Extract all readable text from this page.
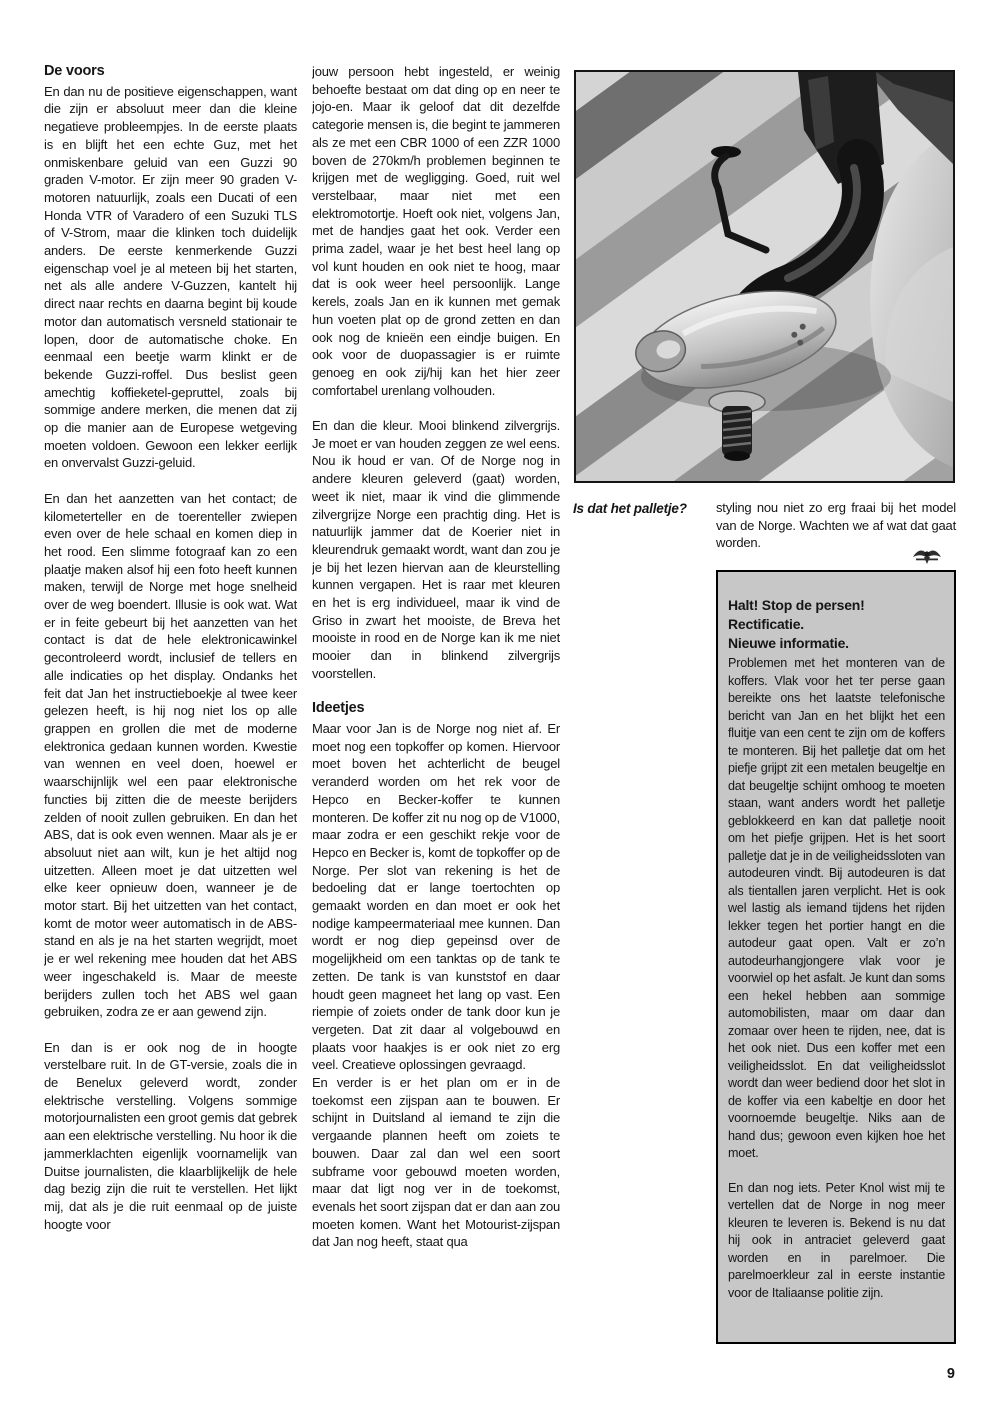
De voors

En dan nu de positieve eigenschappen, want die zijn er absoluut meer dan die kleine negatieve probleempjes. In de eerste plaats is en blijft het een echte Guz, met het onmiskenbare geluid van een Guzzi 90 graden V-motor. Er zijn meer 90 graden V-motoren natuurlijk, zoals een Ducati of een Honda VTR of Varadero of een Suzuki TLS of V-Strom, maar die klinken toch duidelijk anders. De eerste kenmerkende Guzzi eigenschap voel je al meteen bij het starten, net als alle andere V-Guzzen, kantelt hij direct naar rechts en daarna begint bij koude motor dan automatisch versneld stationair te lopen, door de automatische choke. En eenmaal een beetje warm klinkt er de bekende Guzzi-roffel. Dus beslist geen amechtig koffieketel-gepruttel, zoals bij sommige andere merken, die menen dat zij op die manier aan de Europese wetgeving moeten voldoen. Gewoon een lekker eerlijk en onvervalst Guzzi-geluid.

En dan het aanzetten van het contact; de kilometerteller en de toerenteller zwiepen even over de hele schaal en komen diep in het rood. Een slimme fotograaf kan zo een plaatje maken alsof hij een foto heeft kunnen maken, terwijl de Norge met hoge snelheid over de weg boendert. Illusie is ook wat. Wat er in feite gebeurt bij het aanzetten van het contact is dat de hele elektronicawinkel gecontroleerd wordt, inclusief de tellers en alle indicaties op het display. Ondanks het feit dat Jan het instructieboekje al twee keer gelezen heeft, is hij nog niet los op alle grappen en grollen die met de moderne elektronica gedaan kunnen worden. Kwestie van wennen en veel doen, hoewel er waarschijnlijk wel een paar elektronische functies bij zitten die de meeste berijders zelden of nooit zullen gebruiken. En dan het ABS, dat is ook even wennen. Maar als je er absoluut niet aan wilt, kun je het altijd nog uitzetten. Alleen moet je dat uitzetten wel elke keer opnieuw doen, wanneer je de motor start. Bij het uitzetten van het contact, komt de motor weer automatisch in de ABS-stand en als je na het starten wegrijdt, moet je er wel rekening mee houden dat het ABS weer ingeschakeld is. Maar de meeste berijders zullen toch het ABS wel gaan gebruiken, zodra ze er aan gewend zijn.

En dan is er ook nog de in hoogte verstelbare ruit. In de GT-versie, zoals die in de Benelux geleverd wordt, zonder elektrische verstelling. Volgens sommige motorjournalisten een groot gemis dat gebrek aan een elektrische verstelling. Nu hoor ik die jammerklachten eigenlijk voornamelijk van Duitse journalisten, die klaarblijkelijk de hele dag bezig zijn die ruit te verstellen. Het lijkt mij, dat als je die ruit eenmaal op de juiste hoogte voor

jouw persoon hebt ingesteld, er weinig behoefte bestaat om dat ding op en neer te jojo-en. Maar ik geloof dat dit dezelfde categorie mensen is, die begint te jammeren als ze met een CBR 1000 of een ZZR 1000 boven de 270km/h problemen beginnen te krijgen met de wegligging. Goed, ruit wel verstelbaar, maar niet met een elektromotortje. Hoeft ook niet, volgens Jan, met de handjes gaat het ook. Verder een prima zadel, waar je het best heel lang op vol kunt houden en ook niet te hoog, maar dat is ook weer heel persoonlijk. Lange kerels, zoals Jan en ik kunnen met gemak hun voeten plat op de grond zetten en dan ook nog de knieën een eindje buigen. En ook voor de duopassagier is er ruimte genoeg en ook zij/hij kan het hier zeer comfortabel urenlang volhouden.

En dan die kleur. Mooi blinkend zilvergrijs. Je moet er van houden zeggen ze wel eens. Nou ik houd er van. Of de Norge nog in andere kleuren geleverd (gaat) worden, weet ik niet, maar ik vind die glimmende zilvergrijze Norge een prachtig ding. Het is natuurlijk jammer dat de Koerier niet in kleurendruk gemaakt wordt, want dan zou je je bij het lezen hiervan aan de kleurstelling kunnen vergapen. Het is raar met kleuren en het is erg individueel, maar ik vind de Griso in zwart het mooiste, de Breva het mooiste in rood en de Norge kan ik me niet mooier dan in blinkend zilvergrijs voorstellen.

Ideetjes

Maar voor Jan is de Norge nog niet af. Er moet nog een topkoffer op komen. Hiervoor moet boven het achterlicht de beugel veranderd worden om het rek voor de Hepco en Becker-koffer te kunnen monteren. De koffer zit nu nog op de V1000, maar zodra er een geschikt rekje voor de Hepco en Becker is, komt de topkoffer op de Norge. Per slot van rekening is het de bedoeling dat er lange toertochten op gemaakt worden en dan moet er ook het nodige kampeermateriaal mee kunnen. Dan wordt er nog diep gepeinsd over de mogelijkheid om een tanktas op de tank te zetten. De tank is van kunststof en daar houdt geen magneet het lang op vast. Een riempie of zoiets onder de tank door kun je vergeten. Dat zit daar al volgebouwd en plaats voor haakjes is er ook niet zo erg veel. Creatieve oplossingen gevraagd.

En verder is er het plan om er in de toekomst een zijspan aan te bouwen. Er schijnt in Duitsland al iemand te zijn die vergaande plannen heeft om zoiets te bouwen. Daar zal dan wel een soort subframe voor gebouwd moeten worden, maar dat ligt nog ver in de toekomst, evenals het soort zijspan dat er dan aan zou moeten komen. Want het Motourist-zijspan dat Jan nog heeft, staat qua

Is dat het palletje?	styling nou niet zo erg fraai bij het model van de Norge. Wachten we af wat dat gaat worden.
Halt! Stop de persen!
Rectificatie.
Nieuwe informatie.

Problemen met het monteren van de koffers. Vlak voor het ter perse gaan bereikte ons het laatste telefonische bericht van Jan en het blijkt het een fluitje van een cent te zijn om de koffers te monteren. Bij het palletje dat om het piefje grijpt zit een metalen beugeltje en dat beugeltje schijnt omhoog te moeten staan, want anders wordt het palletje geblokkeerd en kan dat palletje nooit om het piefje grijpen. Het is het soort palletje dat je in de veiligheidssloten van autodeuren vindt. Bij autodeuren is dat als tientallen jaren verplicht. Het is ook wel lastig als iemand tijdens het rijden lekker tegen het portier hangt en die autodeur gaat open. Valt er zo’n autodeurhangjongere vlak voor je voorwiel op het asfalt. Je kunt dan soms een hekel hebben aan sommige automobilisten, maar om daar dan zomaar over heen te rijden, nee, dat is het ook niet. Dus een koffer met een veiligheidsslot. En dat veiligheidsslot wordt dan weer bediend door het slot in de koffer via een kabeltje en door het voornoemde beugeltje. Niks aan de hand dus; gewoon even kijken hoe het moet.

En dan nog iets. Peter Knol wist mij te vertellen dat de Norge in nog meer kleuren te leveren is. Bekend is nu dat hij ook in antraciet geleverd gaat worden en in parelmoer. Die parelmoerkleur zal in eerste instantie voor de Italiaanse politie zijn.

9
